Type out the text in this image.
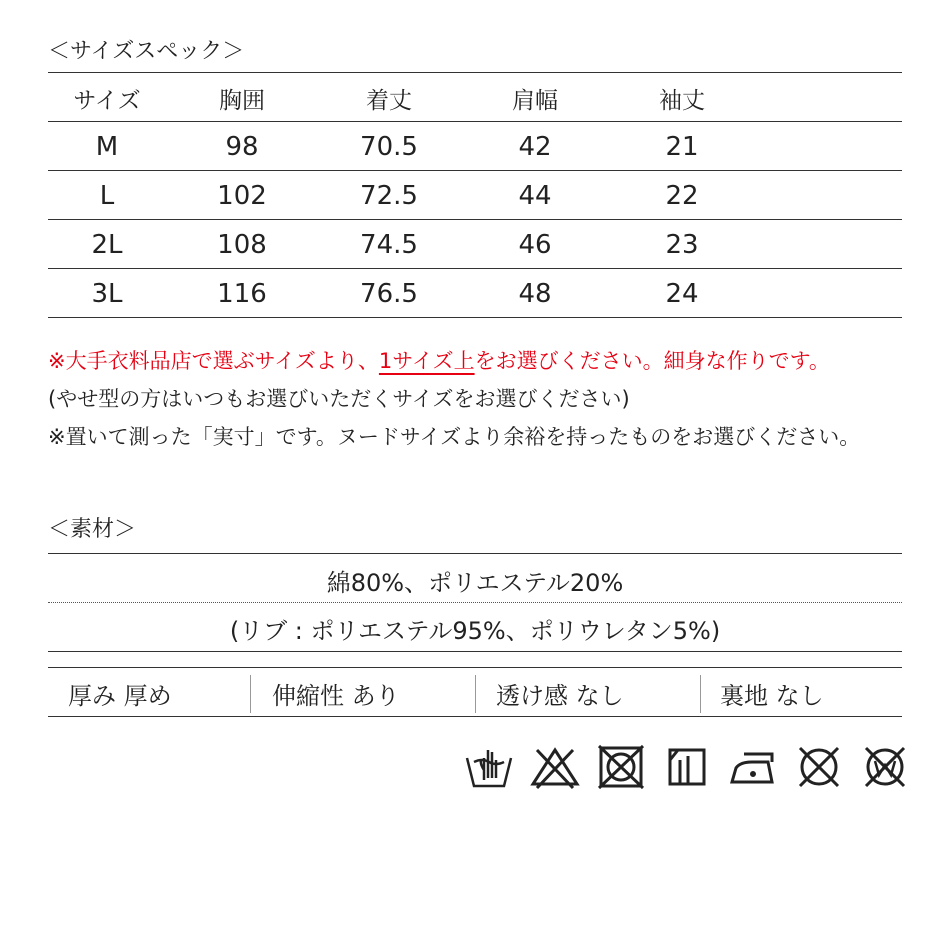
＜サイズスペック＞
サイズ	胸囲	着丈	肩幅	袖丈
M	98	70.5	42	21
L	102	72.5	44	22
2L	108	74.5	46	23
3L	116	76.5	48	24
※大手衣料品店で選ぶサイズより、1サイズ上をお選びください。細身な作りです。
(やせ型の方はいつもお選びいただくサイズをお選びください)
※置いて測った「実寸」です。ヌードサイズより余裕を持ったものをお選びください。
＜素材＞
綿80%、ポリエステル20%
(リブ : ポリエステル95%、ポリウレタン5%)
厚み 厚め	伸縮性 あり	透け感 なし	裏地 なし
